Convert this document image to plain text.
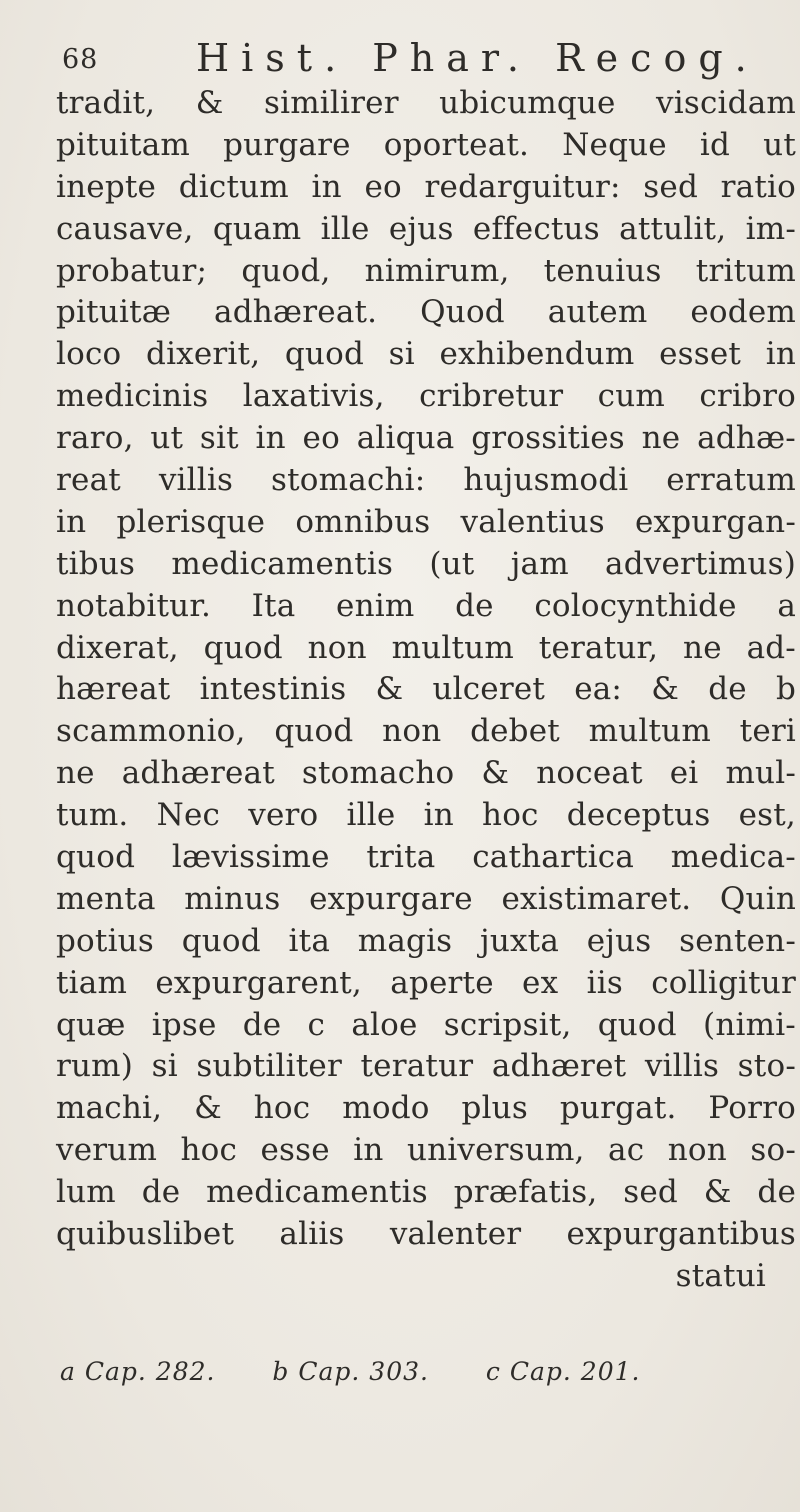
68	Hist. Phar. Recog.
tradit, & similirer ubicumque viscidam
pituitam purgare oporteat. Neque id ut
inepte dictum in eo redarguitur: sed ratio
causave, quam ille ejus effectus attulit, im-
probatur; quod, nimirum, tenuius tritum
pituitæ adhæreat. Quod autem eodem
loco dixerit, quod si exhibendum esset in
medicinis laxativis, cribretur cum cribro
raro, ut sit in eo aliqua grossities ne adhæ-
reat villis stomachi: hujusmodi erratum
in plerisque omnibus valentius expurgan-
tibus medicamentis (ut jam advertimus)
notabitur. Ita enim de colocynthide a
dixerat, quod non multum teratur, ne ad-
hæreat intestinis & ulceret ea: & de b
scammonio, quod non debet multum teri
ne adhæreat stomacho & noceat ei mul-
tum. Nec vero ille in hoc deceptus est,
quod lævissime trita cathartica medica-
menta minus expurgare existimaret. Quin
potius quod ita magis juxta ejus senten-
tiam expurgarent, aperte ex iis colligitur
quæ ipse de c aloe scripsit, quod (nimi-
rum) si subtiliter teratur adhæret villis sto-
machi, & hoc modo plus purgat. Porro
verum hoc esse in universum, ac non so-
lum de medicamentis præfatis, sed & de
quibuslibet aliis valenter expurgantibus
statui
a Cap. 282. b Cap. 303. c Cap. 201.
